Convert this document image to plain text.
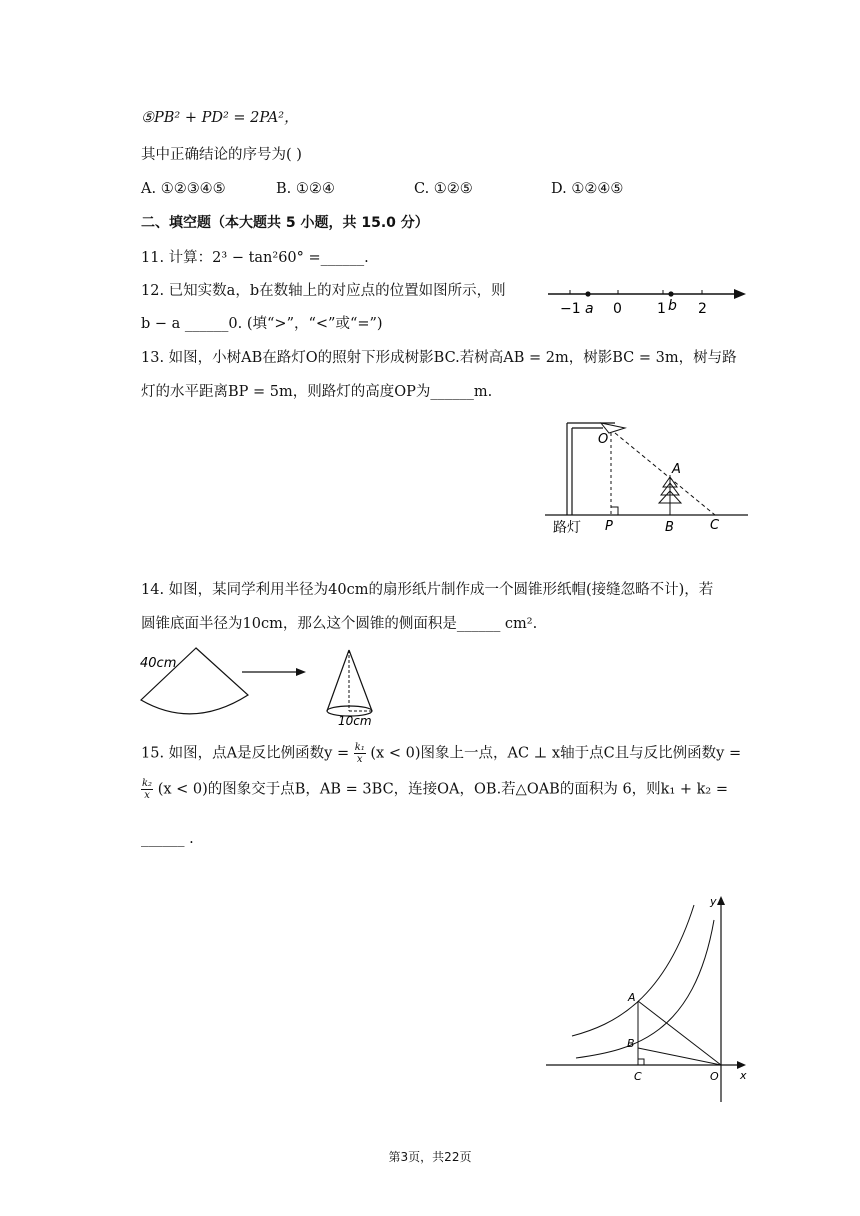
⑤PB² + PD² = 2PA²，
其中正确结论的序号为( )
A. ①②③④⑤	B. ①②④	C. ①②⑤	D. ①②④⑤
二、填空题（本大题共 5 小题，共 15.0 分）
11. 计算：2³ − tan²60° =______.
12. 已知实数a，b在数轴上的对应点的位置如图所示，则
b − a ______0. (填“>”，“<”或“=”)
−1 a 0	1 b 2
13. 如图，小树AB在路灯O的照射下形成树影BC.若树高AB = 2m，树影BC = 3m，树与路
灯的水平距离BP = 5m，则路灯的高度OP为______m.
O
A
P	B	C
路灯
14. 如图，某同学利用半径为40cm的扇形纸片制作成一个圆锥形纸帽(接缝忽略不计)，若
圆锥底面半径为10cm，那么这个圆锥的侧面积是______ cm².
40cm
10cm
15. 如图，点A是反比例函数$y = \frac{\text{k₁}}{x} (x < 0)$图象上一点，AC ⊥ x轴于点C且与反比例函数y =
$\frac{\text{k₂}}{x} (x < 0)$的图象交于点B，AB = 3BC，连接OA，OB.若△OAB的面积为 6，则k₁ + k₂ =
______ .
y
x
A
B
C	O
第3页，共22页
